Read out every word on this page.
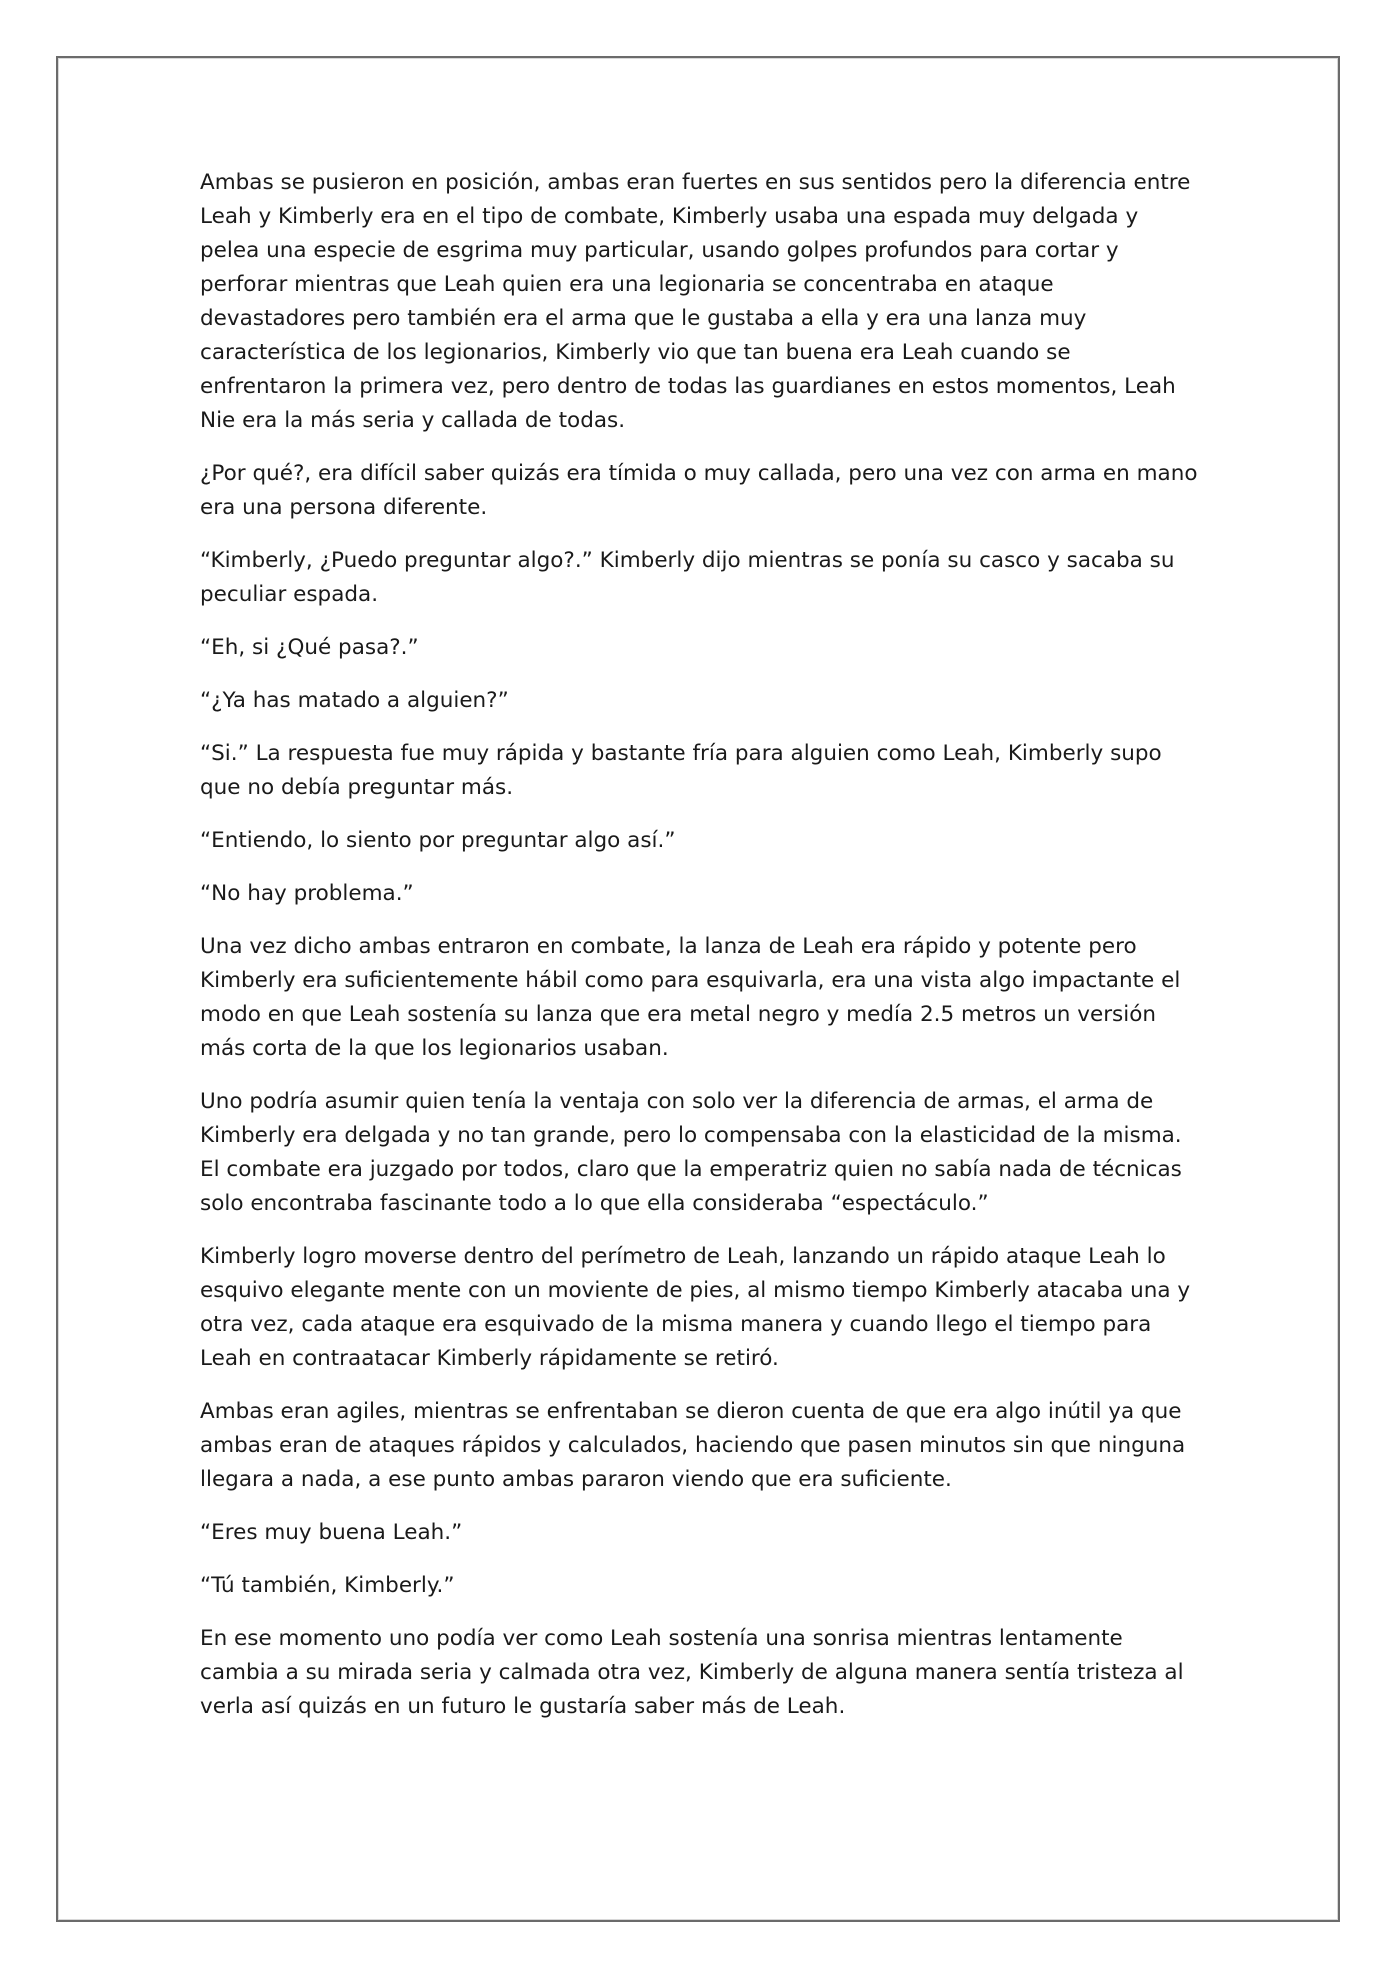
Ambas se pusieron en posición, ambas eran fuertes en sus sentidos pero la diferencia entre Leah y Kimberly era en el tipo de combate, Kimberly usaba una espada muy delgada y pelea una especie de esgrima muy particular, usando golpes profundos para cortar y perforar mientras que Leah quien era una legionaria se concentraba en ataque devastadores pero también era el arma que le gustaba a ella y era una lanza muy característica de los legionarios, Kimberly vio que tan buena era Leah cuando se enfrentaron la primera vez, pero dentro de todas las guardianes en estos momentos, Leah Nie era la más seria y callada de todas.

¿Por qué?, era difícil saber quizás era tímida o muy callada, pero una vez con arma en mano era una persona diferente.

“Kimberly, ¿Puedo preguntar algo?.” Kimberly dijo mientras se ponía su casco y sacaba su peculiar espada.

“Eh, si ¿Qué pasa?.”

“¿Ya has matado a alguien?”

“Si.” La respuesta fue muy rápida y bastante fría para alguien como Leah, Kimberly supo que no debía preguntar más.

“Entiendo, lo siento por preguntar algo así.”

“No hay problema.”

Una vez dicho ambas entraron en combate, la lanza de Leah era rápido y potente pero Kimberly era suficientemente hábil como para esquivarla, era una vista algo impactante el modo en que Leah sostenía su lanza que era metal negro y medía 2.5 metros un versión más corta de la que los legionarios usaban.

Uno podría asumir quien tenía la ventaja con solo ver la diferencia de armas, el arma de Kimberly era delgada y no tan grande, pero lo compensaba con la elasticidad de la misma. El combate era juzgado por todos, claro que la emperatriz quien no sabía nada de técnicas solo encontraba fascinante todo a lo que ella consideraba “espectáculo.”

Kimberly logro moverse dentro del perímetro de Leah, lanzando un rápido ataque Leah lo esquivo elegante mente con un moviente de pies, al mismo tiempo Kimberly atacaba una y otra vez, cada ataque era esquivado de la misma manera y cuando llego el tiempo para Leah en contraatacar Kimberly rápidamente se retiró.

Ambas eran agiles, mientras se enfrentaban se dieron cuenta de que era algo inútil ya que ambas eran de ataques rápidos y calculados, haciendo que pasen minutos sin que ninguna llegara a nada, a ese punto ambas pararon viendo que era suficiente.

“Eres muy buena Leah.”

“Tú también, Kimberly.”

En ese momento uno podía ver como Leah sostenía una sonrisa mientras lentamente cambia a su mirada seria y calmada otra vez, Kimberly de alguna manera sentía tristeza al verla así quizás en un futuro le gustaría saber más de Leah.
